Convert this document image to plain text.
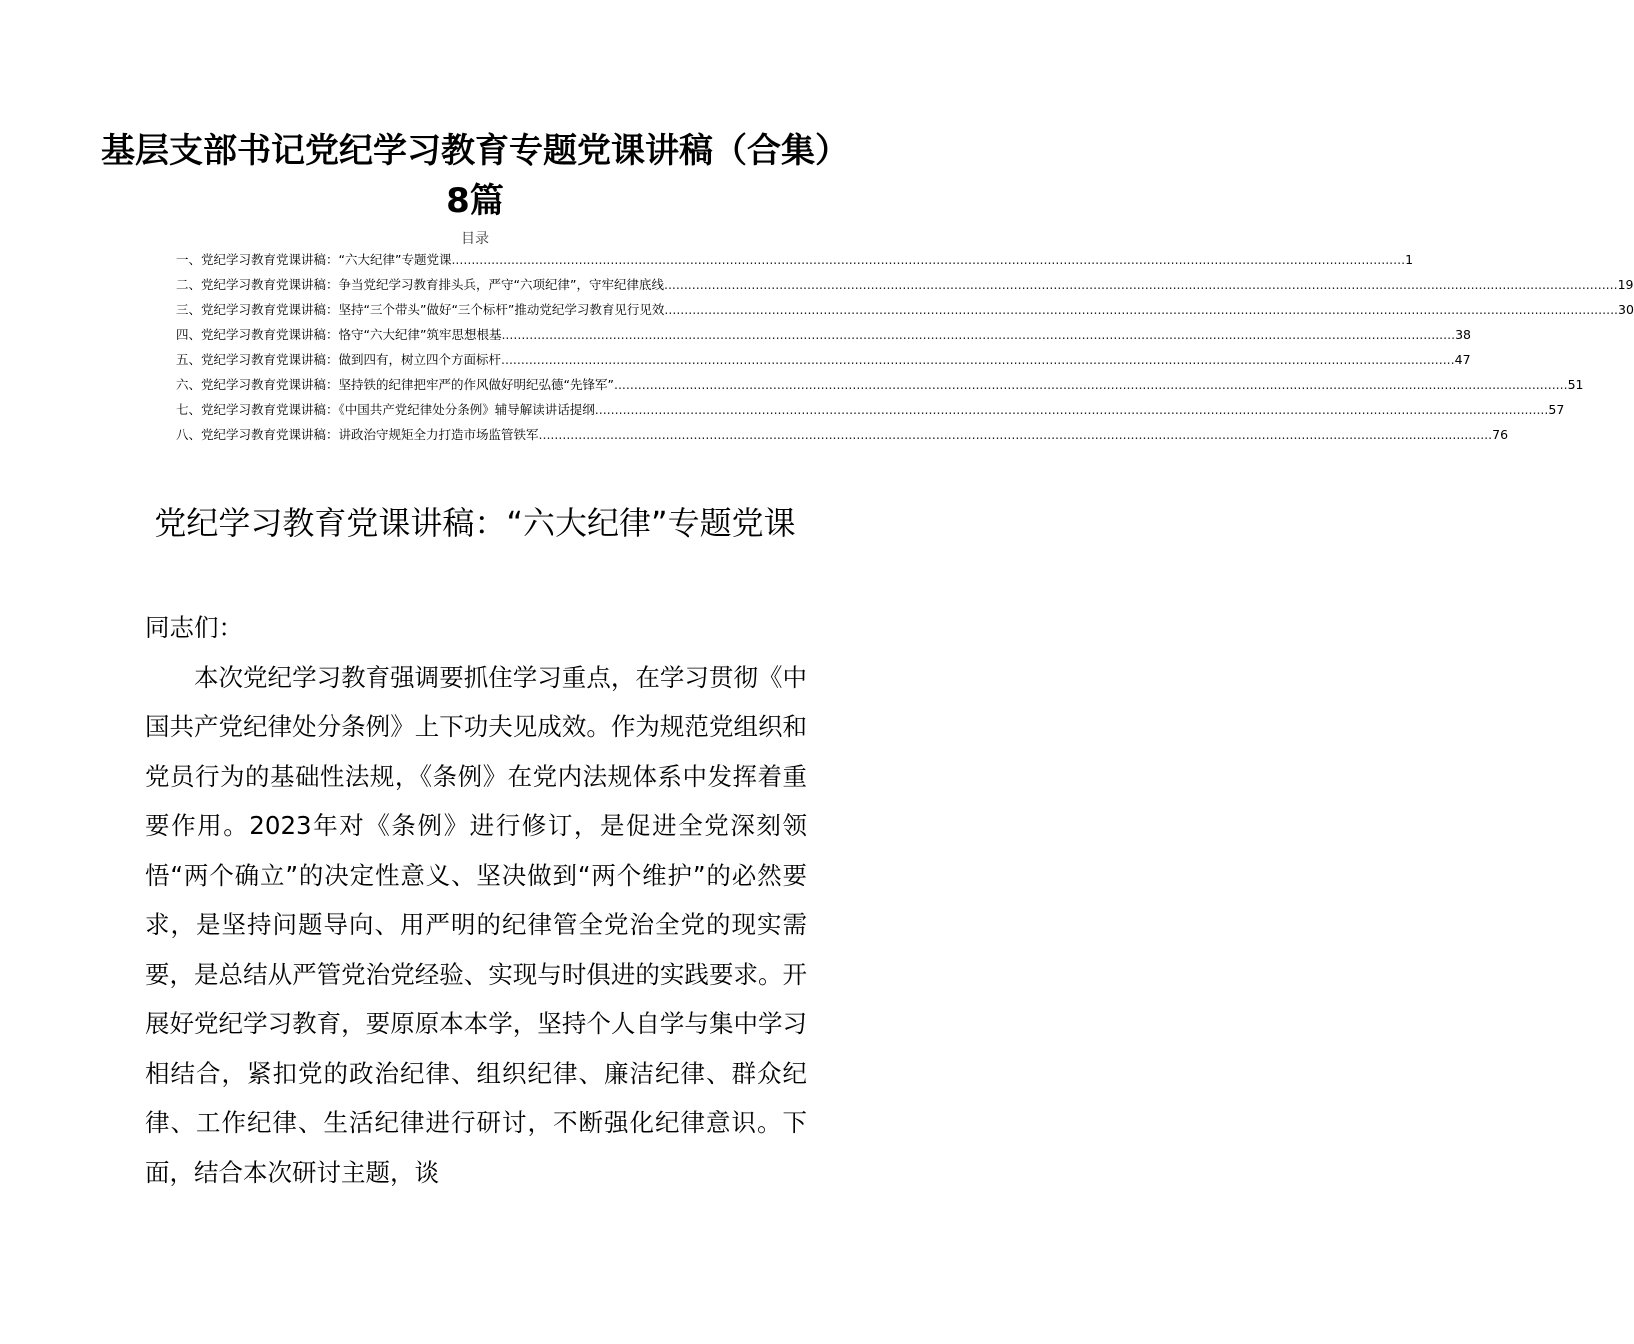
基层支部书记党纪学习教育专题党课讲稿（合集）8篇
目录
一、党纪学习教育党课讲稿：“六大纪律”专题党课 .....	1
二、党纪学习教育党课讲稿：争当党纪学习教育排头兵，严守“六项纪律”，守牢纪律底线 .....	19
三、党纪学习教育党课讲稿：坚持“三个带头”做好“三个标杆”推动党纪学习教育见行见效 .....	30
四、党纪学习教育党课讲稿：恪守“六大纪律”筑牢思想根基 .....	38
五、党纪学习教育党课讲稿：做到四有，树立四个方面标杆 .....	47
六、党纪学习教育党课讲稿：坚持铁的纪律把牢严的作风做好明纪弘德“先锋军” .....	51
七、党纪学习教育党课讲稿：《中国共产党纪律处分条例》辅导解读讲话提纲 .....	57
八、党纪学习教育党课讲稿：讲政治守规矩全力打造市场监管铁军 .....	76
党纪学习教育党课讲稿：“六大纪律”专题党课

同志们：

本次党纪学习教育强调要抓住学习重点，在学习贯彻《中国共产党纪律处分条例》上下功夫见成效。作为规范党组织和党员行为的基础性法规，《条例》在党内法规体系中发挥着重要作用。2023年对《条例》进行修订，是促进全党深刻领悟“两个确立”的决定性意义、坚决做到“两个维护”的必然要求，是坚持问题导向、用严明的纪律管全党治全党的现实需要，是总结从严管党治党经验、实现与时俱进的实践要求。开展好党纪学习教育，要原原本本学，坚持个人自学与集中学习相结合，紧扣党的政治纪律、组织纪律、廉洁纪律、群众纪律、工作纪律、生活纪律进行研讨，不断强化纪律意识。下面，结合本次研讨主题，谈
